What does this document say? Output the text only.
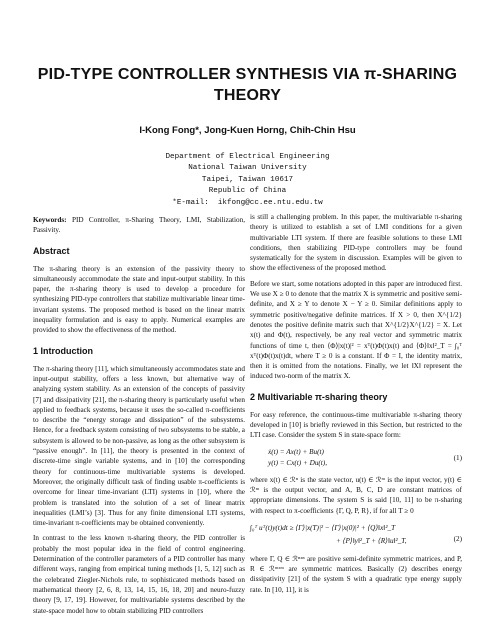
PID-TYPE CONTROLLER SYNTHESIS VIA π-SHARING
THEORY
I-Kong Fong*, Jong-Kuen Horng, Chih-Chin Hsu
Department of Electrical Engineering
National Taiwan University
Taipei, Taiwan 10617
Republic of China
*E-mail:  ikfong@cc.ee.ntu.edu.tw

Keywords: PID Controller, π-Sharing Theory, LMI, Stabilization, Passivity.

Abstract

The π-sharing theory is an extension of the passivity theory to simultaneously accommodate the state and input-output stability. In this paper, the π-sharing theory is used to develop a procedure for synthesizing PID-type controllers that stabilize multivariable linear time-invariant systems. The proposed method is based on the linear matrix inequality formulation and is easy to apply. Numerical examples are provided to show the effectiveness of the method.

1 Introduction

The π-sharing theory [11], which simultaneously accommodates state and input-output stability, offers a less known, but alternative way of analyzing system stability. As an extension of the concepts of passivity [7] and dissipativity [21], the π-sharing theory is particularly useful when applied to feedback systems, because it uses the so-called π-coefficients to describe the “energy storage and dissipation” of the subsystems. Hence, for a feedback system consisting of two subsystems to be stable, a subsystem is allowed to be non-passive, as long as the other subsystem is “passive enough”. In [11], the theory is presented in the context of discrete-time single variable systems, and in [10] the corresponding theory for continuous-time multivariable systems is developed. Moreover, the originally difficult task of finding usable π-coefficients is overcome for linear time-invariant (LTI) systems in [10], where the problem is translated into the solution of a set of linear matrix inequalities (LMI’s) [3]. Thus for any finite dimensional LTI systems, time-invariant π-coefficients may be obtained conveniently.

In contrast to the less known π-sharing theory, the PID controller is probably the most popular idea in the field of control engineering. Determination of the controller parameters of a PID controller has many different ways, ranging from empirical tuning methods [1, 5, 12] such as the celebrated Ziegler-Nichols rule, to sophisticated methods based on mathematical theory [2, 6, 8, 13, 14, 15, 16, 18, 20] and neuro-fuzzy theory [9, 17, 19]. However, for multivariable systems described by the state-space model how to obtain stabilizing PID controllers

is still a challenging problem. In this paper, the multivariable π-sharing theory is utilized to establish a set of LMI conditions for a given multivariable LTI system. If there are feasible solutions to these LMI conditions, then stabilizing PID-type controllers may be found systematically for the system in discussion. Examples will be given to show the effectiveness of the proposed method.

Before we start, some notations adopted in this paper are introduced first. We use X ≥ 0 to denote that the matrix X is symmetric and positive semi-definite, and X ≥ Y to denote X − Y ≥ 0. Similar definitions apply to symmetric positive/negative definite matrices. If X > 0, then X^{1/2} denotes the positive definite matrix such that X^{1/2}X^{1/2} = X. Let x(t) and Φ(t), respectively, be any real vector and symmetric matrix functions of time t, then ⟨Φ⟩|x(t)|² = xᵀ(t)Φ(t)x(t) and ⟨Φ⟩‖x‖²_T = ∫₀ᵀ xᵀ(t)Φ(t)x(t)dt, where T ≥ 0 is a constant. If Φ = I, the identity matrix, then it is omitted from the notations. Finally, we let ‖X‖ represent the induced two-norm of the matrix X.

2 Multivariable π-sharing theory

For easy reference, the continuous-time multivariable π-sharing theory developed in [10] is briefly reviewed in this Section, but restricted to the LTI case. Consider the system S in state-space form:

ẋ(t) = Ax(t) + Bu(t)
y(t) = Cx(t) + Du(t),
(1)

where x(t) ∈ ℛⁿ is the state vector, u(t) ∈ ℛᵐ is the input vector, y(t) ∈ ℛᵐ is the output vector, and A, B, C, D are constant matrices of appropriate dimensions. The system S is said [10, 11] to be π-sharing with respect to π-coefficients {Γ, Q, P, R}, if for all T ≥ 0

∫₀ᵀ uᵀ(t)y(t)dt ≥ ⟨Γ⟩|x(T)|² − ⟨Γ⟩|x(0)|² + ⟨Q⟩‖x‖²_T
+ ⟨P⟩‖y‖²_T + ⟨R⟩‖u‖²_T,	(2)

where Γ, Q ∈ ℛⁿˣⁿ are positive semi-definite symmetric matrices, and P, R ∈ ℛᵐˣᵐ are symmetric matrices. Basically (2) describes energy dissipativity [21] of the system S with a quadratic type energy supply rate. In [10, 11], it is
